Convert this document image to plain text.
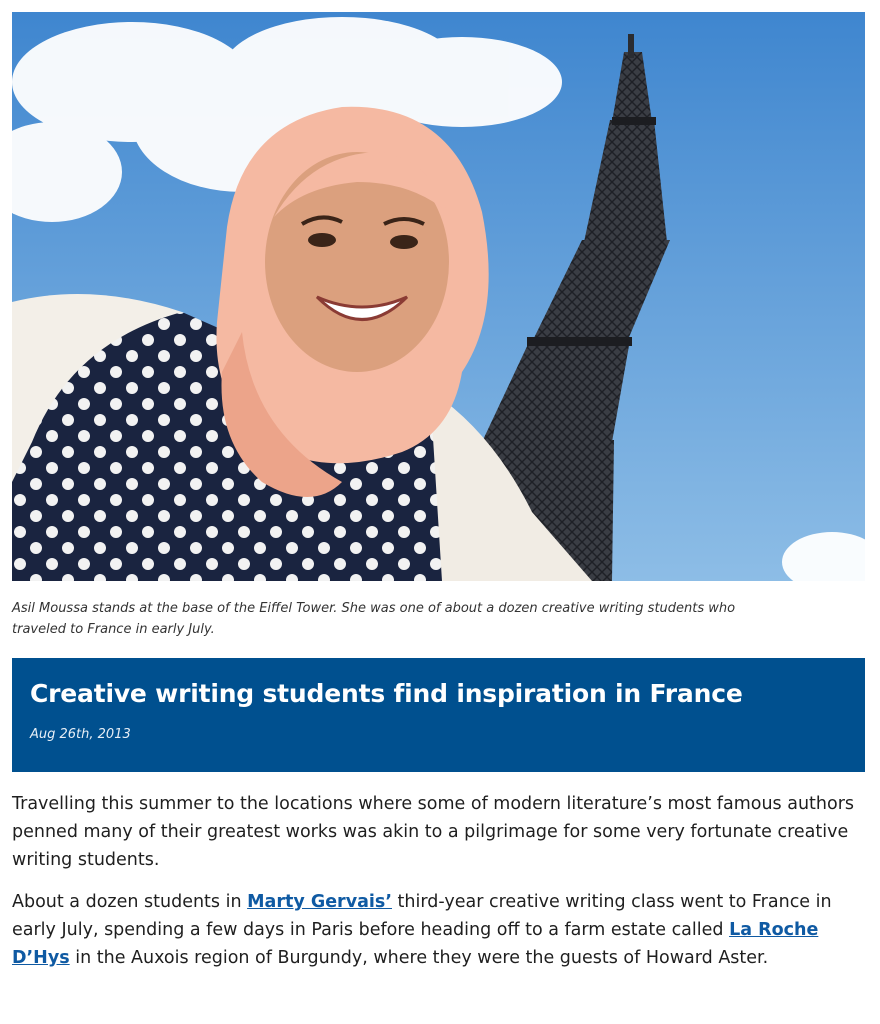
Asil Moussa stands at the base of the Eiffel Tower. She was one of about a dozen creative writing students who traveled to France in early July.

Creative writing students find inspiration in France
Aug 26th, 2013

Travelling this summer to the locations where some of modern literature’s most famous authors penned many of their greatest works was akin to a pilgrimage for some very fortunate creative writing students.

About a dozen students in Marty Gervais’ third-year creative writing class went to France in early July, spending a few days in Paris before heading off to a farm estate called La Roche D’Hys in the Auxois region of Burgundy, where they were the guests of Howard Aster.
